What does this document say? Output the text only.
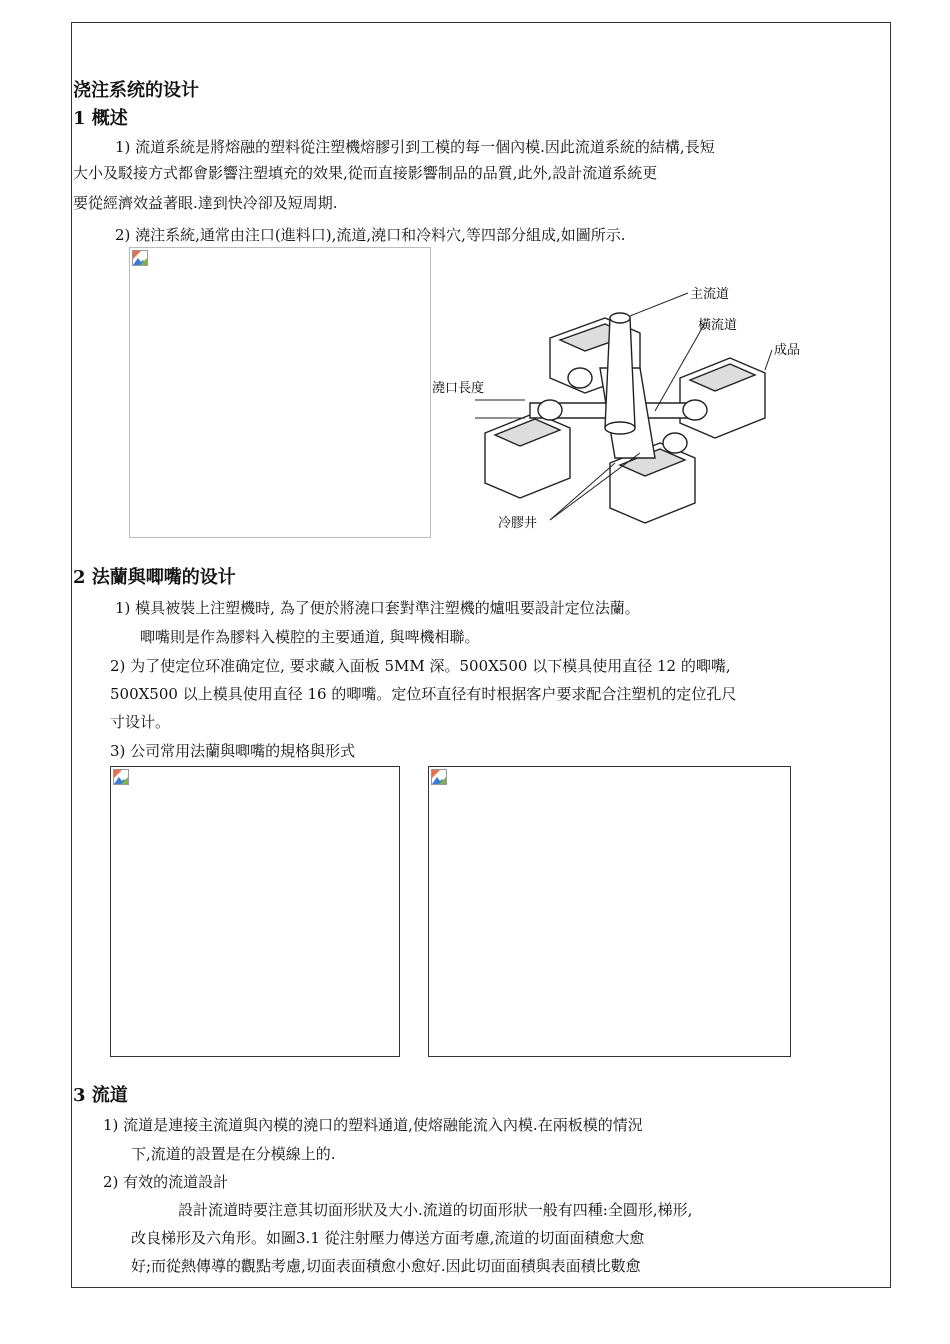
浇注系统的设计
1 概述
1) 流道系統是將熔融的塑料從注塑機熔膠引到工模的每一個內模.因此流道系統的結構,長短
大小及駁接方式都會影響注塑填充的效果,從而直接影響制品的品質,此外,設計流道系統更
要從經濟效益著眼.達到快冷卻及短周期.
2) 澆注系統,通常由注口(進料口),流道,澆口和冷料穴,等四部分組成,如圖所示.
主流道
橫流道
成品
澆口長度
冷膠井
2 法蘭與唧嘴的设计
1) 模具被裝上注塑機時, 為了便於將澆口套對準注塑機的爐咀要設計定位法蘭。
唧嘴則是作為膠料入模腔的主要通道, 與啤機相聯。
2) 为了使定位环准确定位, 要求藏入面板 5MM 深。500X500 以下模具使用直径 12 的唧嘴,
500X500 以上模具使用直径 16 的唧嘴。定位环直径有时根据客户要求配合注塑机的定位孔尺
寸设计。
3) 公司常用法蘭與唧嘴的規格與形式
3 流道
1) 流道是連接主流道與內模的澆口的塑料通道,使熔融能流入內模.在兩板模的情況
下,流道的設置是在分模線上的.
2) 有效的流道設計
設計流道時要注意其切面形狀及大小.流道的切面形狀一般有四種:全圓形,梯形,
改良梯形及六角形。如圖3.1 從注射壓力傳送方面考慮,流道的切面面積愈大愈
好;而從熱傳導的觀點考慮,切面表面積愈小愈好.因此切面面積與表面積比數愈
